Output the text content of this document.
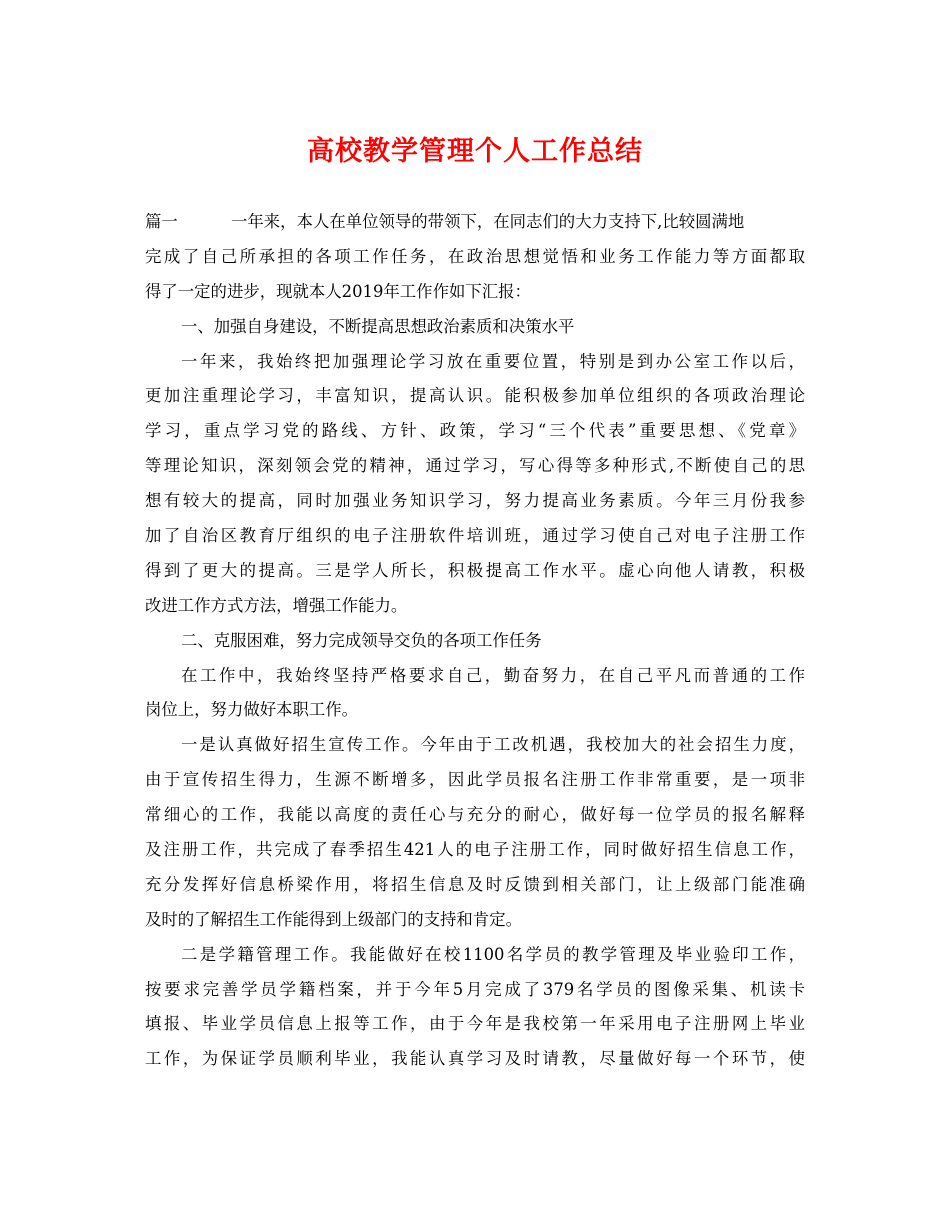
高校教学管理个人工作总结
篇一	一年来，本人在单位领导的带领下，在同志们的大力支持下,比较圆满地
完成了自己所承担的各项工作任务，在政治思想觉悟和业务工作能力等方面都取
得了一定的进步，现就本人2019年工作作如下汇报：
一、加强自身建设，不断提高思想政治素质和决策水平
一年来，我始终把加强理论学习放在重要位置，特别是到办公室工作以后，
更加注重理论学习，丰富知识，提高认识。能积极参加单位组织的各项政治理论
学习，重点学习党的路线、方针、政策，学习“三个代表”重要思想、《党章》
等理论知识，深刻领会党的精神，通过学习，写心得等多种形式,不断使自己的思
想有较大的提高，同时加强业务知识学习，努力提高业务素质。今年三月份我参
加了自治区教育厅组织的电子注册软件培训班，通过学习使自己对电子注册工作
得到了更大的提高。三是学人所长，积极提高工作水平。虚心向他人请教，积极
改进工作方式方法，增强工作能力。
二、克服困难，努力完成领导交负的各项工作任务
在工作中，我始终坚持严格要求自己，勤奋努力，在自己平凡而普通的工作
岗位上，努力做好本职工作。
一是认真做好招生宣传工作。今年由于工改机遇，我校加大的社会招生力度，
由于宣传招生得力，生源不断增多，因此学员报名注册工作非常重要，是一项非
常细心的工作，我能以高度的责任心与充分的耐心，做好每一位学员的报名解释
及注册工作，共完成了春季招生421人的电子注册工作，同时做好招生信息工作，
充分发挥好信息桥梁作用，将招生信息及时反馈到相关部门，让上级部门能准确
及时的了解招生工作能得到上级部门的支持和肯定。
二是学籍管理工作。我能做好在校1100名学员的教学管理及毕业验印工作，
按要求完善学员学籍档案，并于今年5月完成了379名学员的图像采集、机读卡
填报、毕业学员信息上报等工作，由于今年是我校第一年采用电子注册网上毕业
工作，为保证学员顺利毕业，我能认真学习及时请教，尽量做好每一个环节，使
